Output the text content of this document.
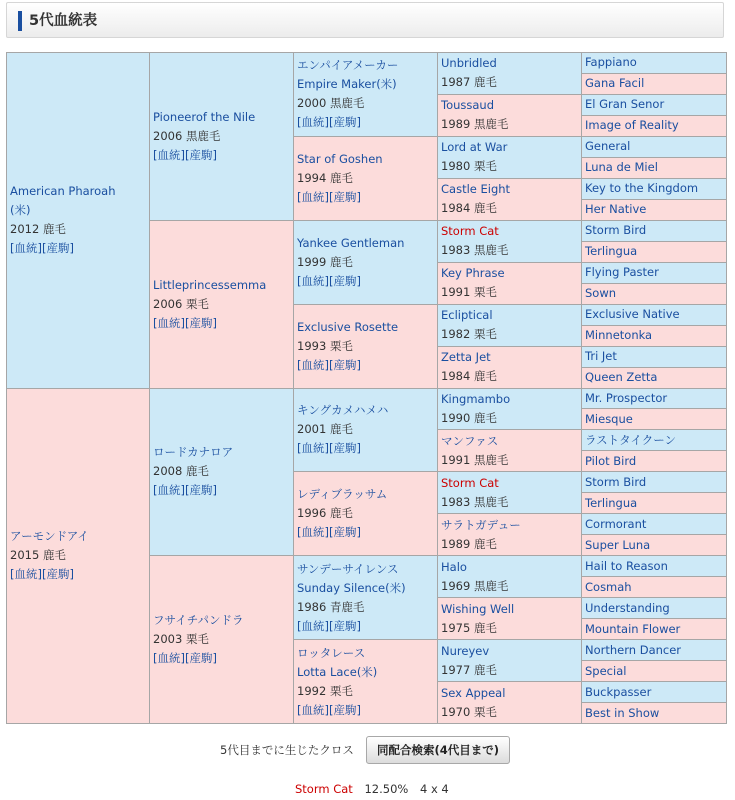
5代血統表
American Pharoah
(米)
2012 鹿毛
[血統][産駒]	Pioneerof the Nile
2006 黒鹿毛
[血統][産駒]	エンパイアメーカー
Empire Maker(米)
2000 黒鹿毛
[血統][産駒]	Unbridled
1987 鹿毛	Fappiano
				Gana Facil
			Toussaud
1989 黒鹿毛	El Gran Senor
				Image of Reality
		Star of Goshen
1994 鹿毛
[血統][産駒]	Lord at War
1980 栗毛	General
				Luna de Miel
			Castle Eight
1984 鹿毛	Key to the Kingdom
				Her Native
	Littleprincessemma
2006 栗毛
[血統][産駒]	Yankee Gentleman
1999 鹿毛
[血統][産駒]	Storm Cat
1983 黒鹿毛	Storm Bird
				Terlingua
			Key Phrase
1991 栗毛	Flying Paster
				Sown
		Exclusive Rosette
1993 栗毛
[血統][産駒]	Ecliptical
1982 栗毛	Exclusive Native
				Minnetonka
			Zetta Jet
1984 鹿毛	Tri Jet
				Queen Zetta
アーモンドアイ
2015 鹿毛
[血統][産駒]	ロードカナロア
2008 鹿毛
[血統][産駒]	キングカメハメハ
2001 鹿毛
[血統][産駒]	Kingmambo
1990 鹿毛	Mr. Prospector
				Miesque
			マンファス
1991 黒鹿毛	ラストタイクーン
				Pilot Bird
		レディブラッサム
1996 鹿毛
[血統][産駒]	Storm Cat
1983 黒鹿毛	Storm Bird
				Terlingua
			サラトガデュー
1989 鹿毛	Cormorant
				Super Luna
	フサイチパンドラ
2003 栗毛
[血統][産駒]	サンデーサイレンス
Sunday Silence(米)
1986 青鹿毛
[血統][産駒]	Halo
1969 黒鹿毛	Hail to Reason
				Cosmah
			Wishing Well
1975 鹿毛	Understanding
				Mountain Flower
		ロッタレース
Lotta Lace(米)
1992 栗毛
[血統][産駒]	Nureyev
1977 鹿毛	Northern Dancer
				Special
			Sex Appeal
1970 栗毛	Buckpasser
				Best in Show
5代目までに生じたクロス	同配合検索(4代目まで)
Storm Cat 12.50% 4 x 4
